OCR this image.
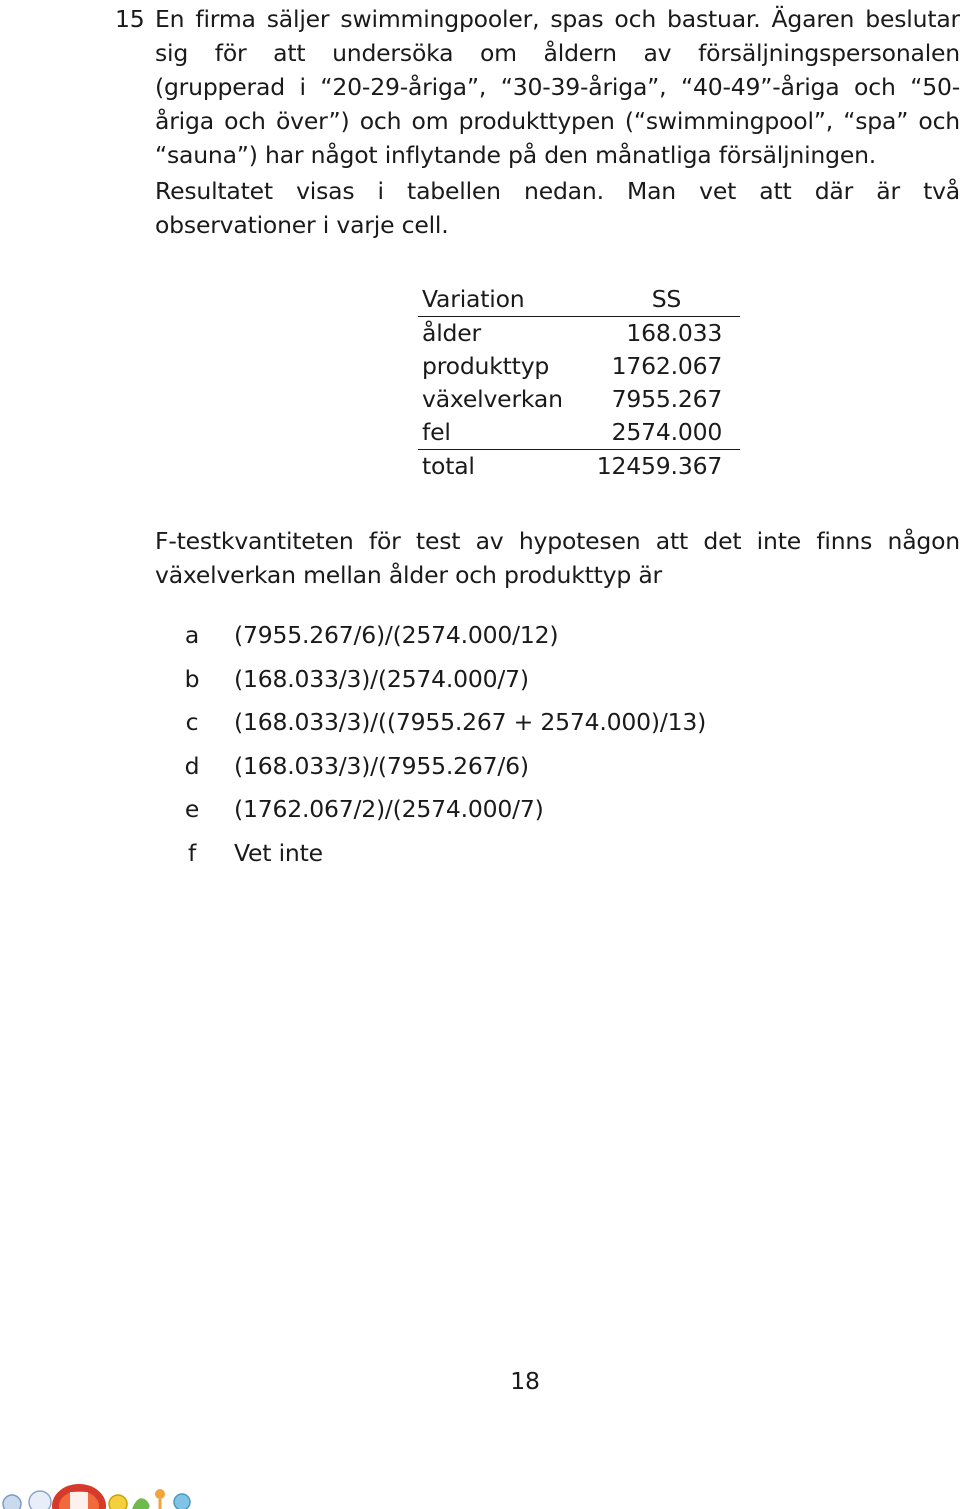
15 En firma säljer swimmingpooler, spas och bastuar. Ägaren beslutar sig för att undersöka om åldern av försäljningspersonalen (grupperad i “20-29-åriga”, “30-39-åriga”, “40-49”-åriga och “50-åriga och över”) och om produkttypen (“swimmingpool”, “spa” och “sauna”) har något inflytande på den månatliga försäljningen.

Resultatet visas i tabellen nedan. Man vet att där är två observationer i varje cell.

Variation	SS
ålder	168.033
produkttyp	1762.067
växelverkan	7955.267
fel	2574.000
total	12459.367

F-testkvantiteten för test av hypotesen att det inte finns någon växelverkan mellan ålder och produkttyp är

a (7955.267/6)/(2574.000/12)
b (168.033/3)/(2574.000/7)
c (168.033/3)/((7955.267 + 2574.000)/13)
d (168.033/3)/(7955.267/6)
e (1762.067/2)/(2574.000/7)
f	Vet inte
18
